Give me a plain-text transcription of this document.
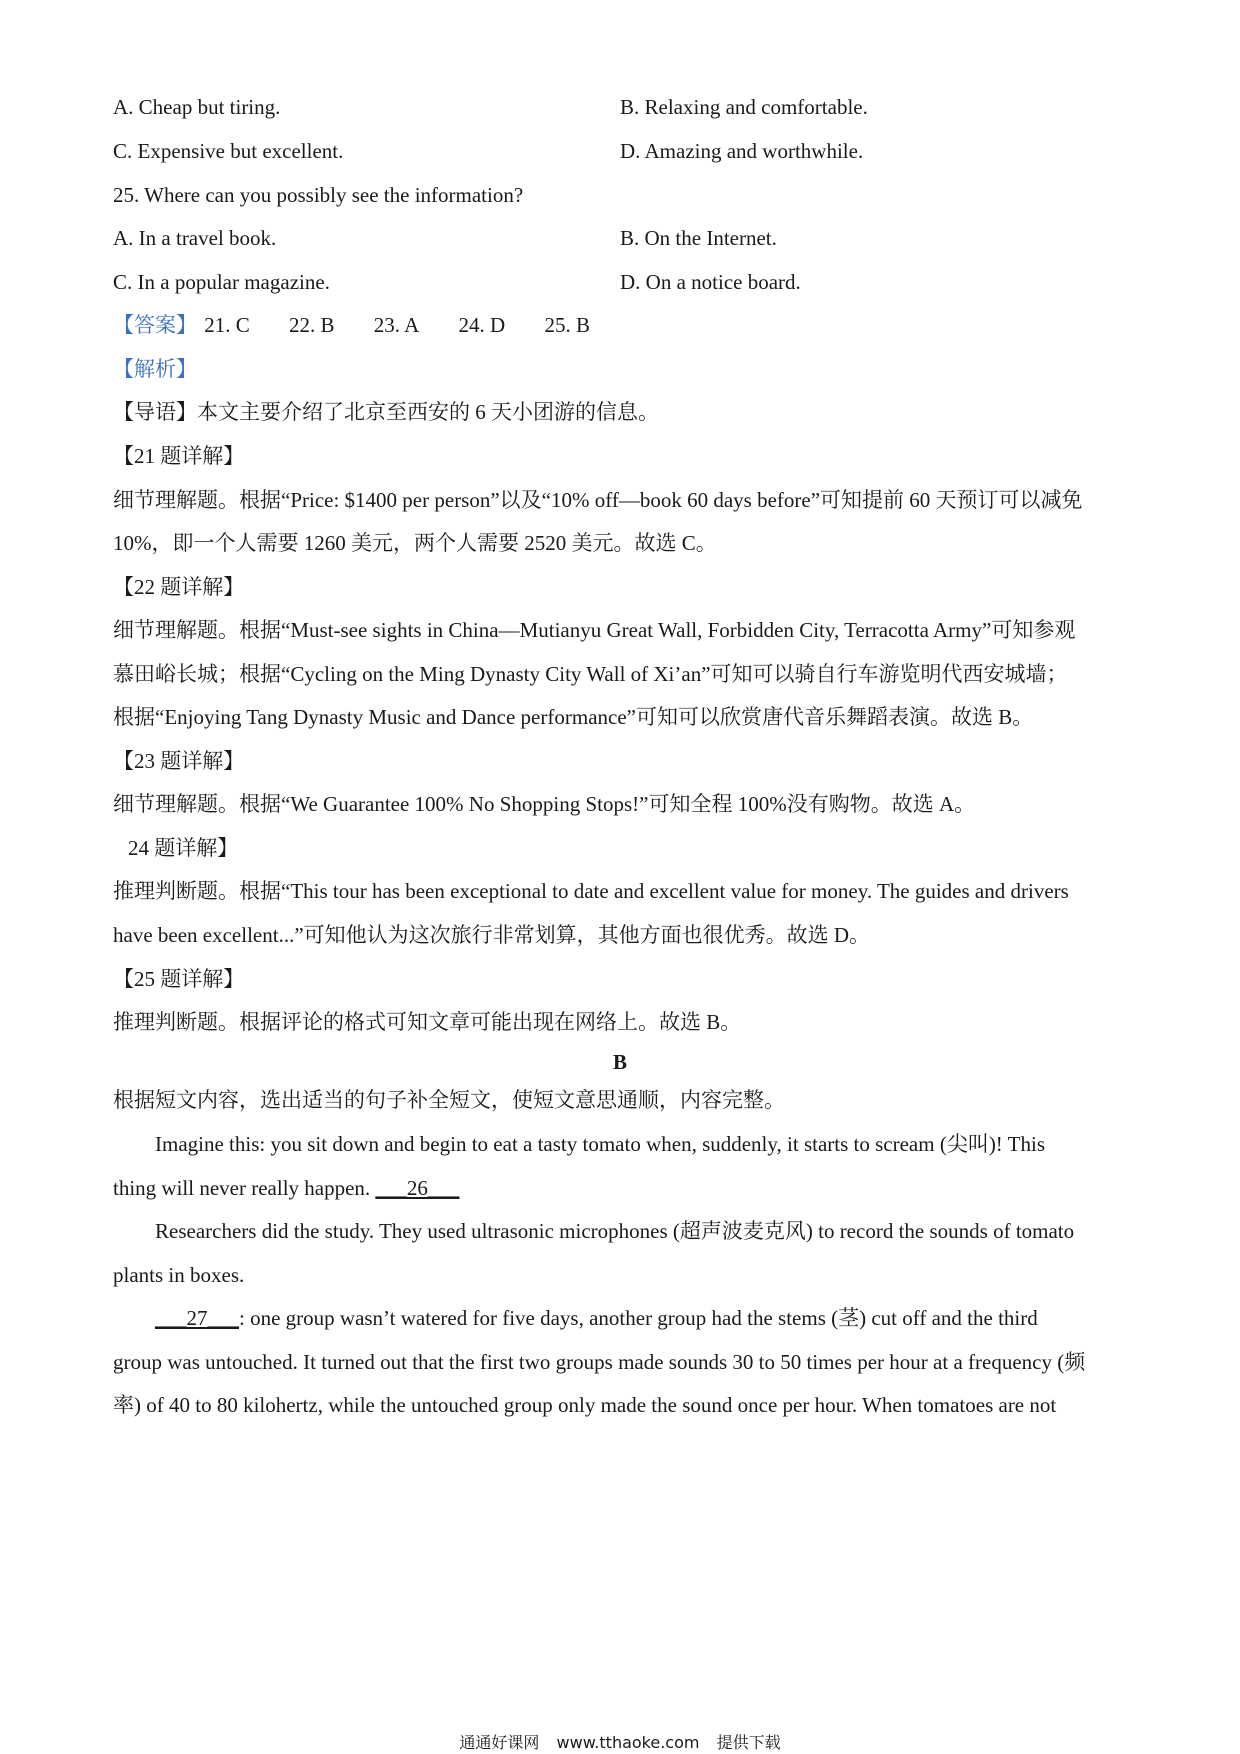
A. Cheap but tiring.	B. Relaxing and comfortable.
C. Expensive but excellent.	D. Amazing and worthwhile.
25. Where can you possibly see the information?
A. In a travel book.	B. On the Internet.
C. In a popular magazine.	D. On a notice board.
【答案】 21. C 22. B 23. A 24. D 25. B
【解析】
【导语】本文主要介绍了北京至西安的 6 天小团游的信息。
【21 题详解】
细节理解题。根据“Price: $1400 per person”以及“10% off—book 60 days before”可知提前 60 天预订可以减免
10%，即一个人需要 1260 美元，两个人需要 2520 美元。故选 C。
【22 题详解】
细节理解题。根据“Must-see sights in China—Mutianyu Great Wall, Forbidden City, Terracotta Army”可知参观
慕田峪长城；根据“Cycling on the Ming Dynasty City Wall of Xi’an”可知可以骑自行车游览明代西安城墙；
根据“Enjoying Tang Dynasty Music and Dance performance”可知可以欣赏唐代音乐舞蹈表演。故选 B。
【23 题详解】
细节理解题。根据“We Guarantee 100% No Shopping Stops!”可知全程 100%没有购物。故选 A。
24 题详解】
推理判断题。根据“This tour has been exceptional to date and excellent value for money. The guides and drivers
have been excellent...”可知他认为这次旅行非常划算，其他方面也很优秀。故选 D。
【25 题详解】
推理判断题。根据评论的格式可知文章可能出现在网络上。故选 B。
B
根据短文内容，选出适当的句子补全短文，使短文意思通顺，内容完整。
Imagine this: you sit down and begin to eat a tasty tomato when, suddenly, it starts to scream (尖叫)! This
thing will never really happen. ___26___
Researchers did the study. They used ultrasonic microphones (超声波麦克风) to record the sounds of tomato
plants in boxes.
___27___: one group wasn’t watered for five days, another group had the stems (茎) cut off and the third
group was untouched. It turned out that the first two groups made sounds 30 to 50 times per hour at a frequency (频
率) of 40 to 80 kilohertz, while the untouched group only made the sound once per hour. When tomatoes are not
通通好课网 www.tthaoke.com 提供下载
